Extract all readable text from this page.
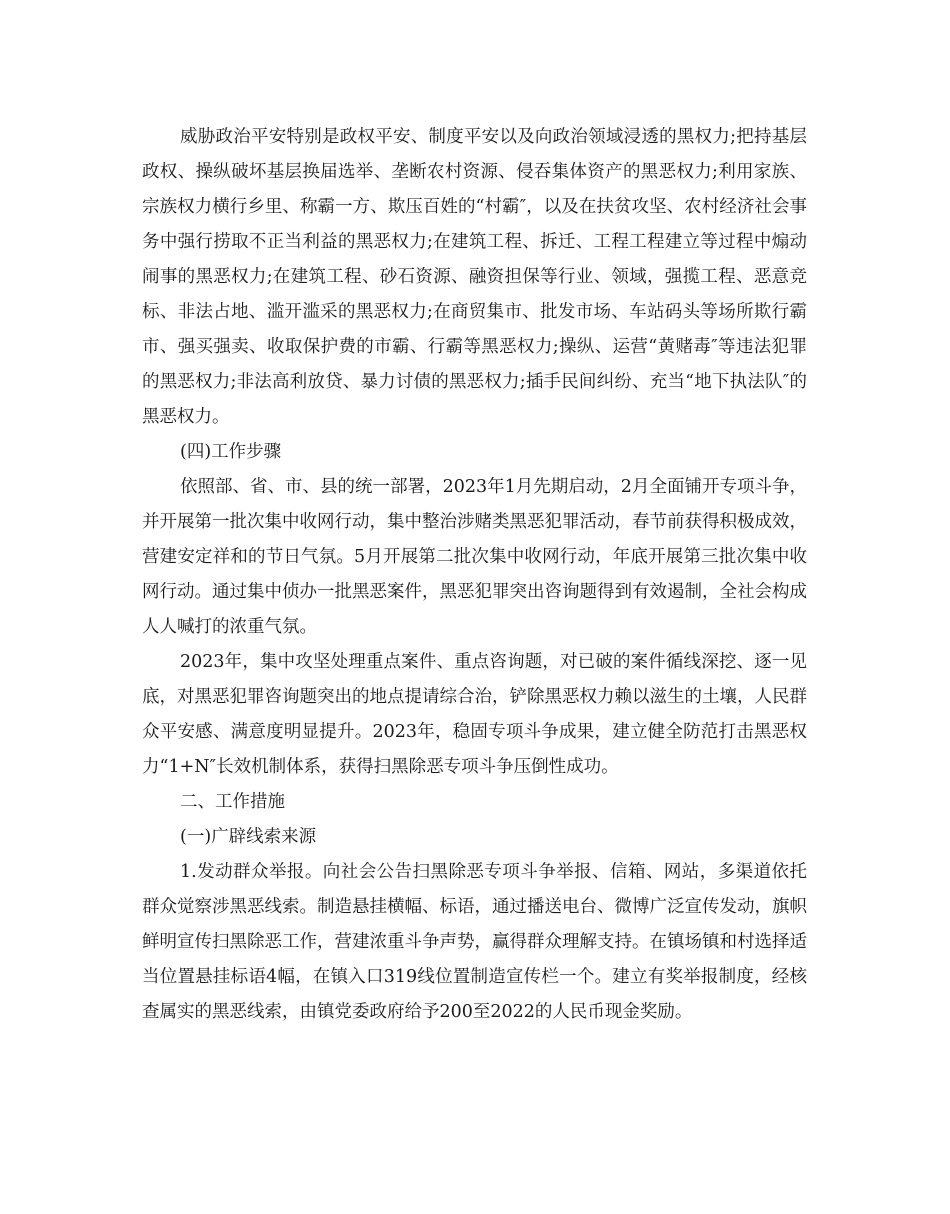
威胁政治平安特别是政权平安、制度平安以及向政治领域浸透的黑权力;把持基层政权、操纵破坏基层换届选举、垄断农村资源、侵吞集体资产的黑恶权力;利用家族、宗族权力横行乡里、称霸一方、欺压百姓的“村霸″，以及在扶贫攻坚、农村经济社会事务中强行捞取不正当利益的黑恶权力;在建筑工程、拆迁、工程工程建立等过程中煽动闹事的黑恶权力;在建筑工程、砂石资源、融资担保等行业、领域，强揽工程、恶意竞标、非法占地、滥开滥采的黑恶权力;在商贸集市、批发市场、车站码头等场所欺行霸市、强买强卖、收取保护费的市霸、行霸等黑恶权力;操纵、运营“黄赌毒″等违法犯罪的黑恶权力;非法高利放贷、暴力讨债的黑恶权力;插手民间纠纷、充当“地下执法队″的黑恶权力。

(四)工作步骤

依照部、省、市、县的统一部署，2023年1月先期启动，2月全面铺开专项斗争，并开展第一批次集中收网行动，集中整治涉赌类黑恶犯罪活动，春节前获得积极成效，营建安定祥和的节日气氛。5月开展第二批次集中收网行动，年底开展第三批次集中收网行动。通过集中侦办一批黑恶案件，黑恶犯罪突出咨询题得到有效遏制，全社会构成人人喊打的浓重气氛。

2023年，集中攻坚处理重点案件、重点咨询题，对已破的案件循线深挖、逐一见底，对黑恶犯罪咨询题突出的地点提请综合治，铲除黑恶权力赖以滋生的土壤，人民群众平安感、满意度明显提升。2023年，稳固专项斗争成果，建立健全防范打击黑恶权力“1+N″长效机制体系，获得扫黑除恶专项斗争压倒性成功。

二、工作措施

(一)广辟线索来源

1.发动群众举报。向社会公告扫黑除恶专项斗争举报、信箱、网站，多渠道依托群众觉察涉黑恶线索。制造悬挂横幅、标语，通过播送电台、微博广泛宣传发动，旗帜鲜明宣传扫黑除恶工作，营建浓重斗争声势，赢得群众理解支持。在镇场镇和村选择适当位置悬挂标语4幅，在镇入口319线位置制造宣传栏一个。建立有奖举报制度，经核查属实的黑恶线索，由镇党委政府给予200至2022的人民币现金奖励。
